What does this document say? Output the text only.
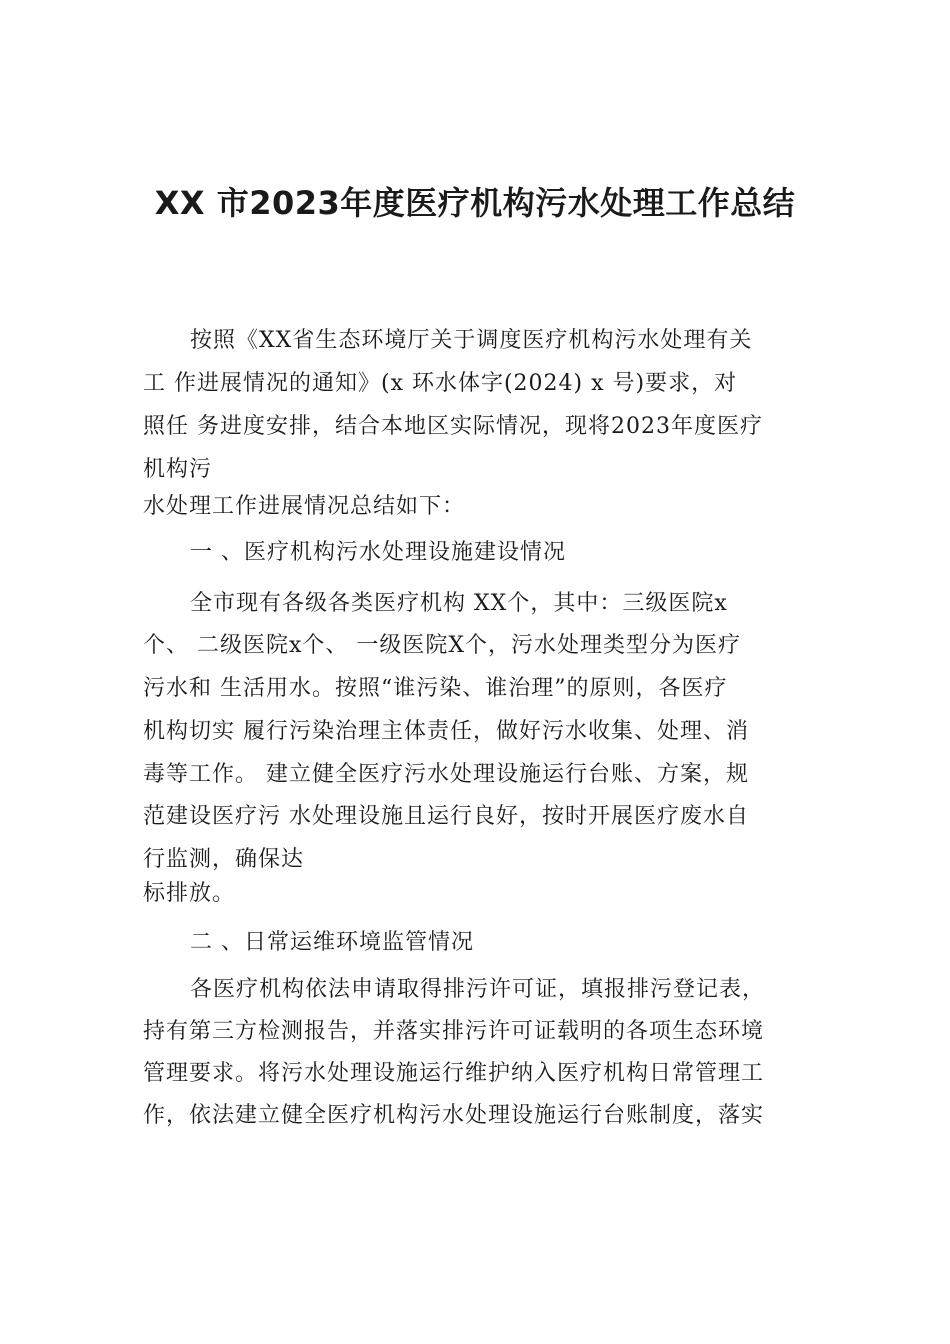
XX 市2023年度医疗机构污水处理工作总结
按照《XX省生态环境厅关于调度医疗机构污水处理有关
工 作进展情况的通知》(x 环水体字(2024) x 号)要求，对
照任 务进度安排，结合本地区实际情况，现将2023年度医疗
机构污
水处理工作进展情况总结如下：
一 、医疗机构污水处理设施建设情况
全市现有各级各类医疗机构 XX个，其中：三级医院x
个、 二级医院x个、 一级医院X个，污水处理类型分为医疗
污水和 生活用水。按照“谁污染、谁治理”的原则，各医疗
机构切实 履行污染治理主体责任，做好污水收集、处理、消
毒等工作。 建立健全医疗污水处理设施运行台账、方案，规
范建设医疗污 水处理设施且运行良好，按时开展医疗废水自
行监测，确保达
标排放。
二 、日常运维环境监管情况
各医疗机构依法申请取得排污许可证，填报排污登记表，
持有第三方检测报告，并落实排污许可证载明的各项生态环境
管理要求。将污水处理设施运行维护纳入医疗机构日常管理工
作，依法建立健全医疗机构污水处理设施运行台账制度，落实
